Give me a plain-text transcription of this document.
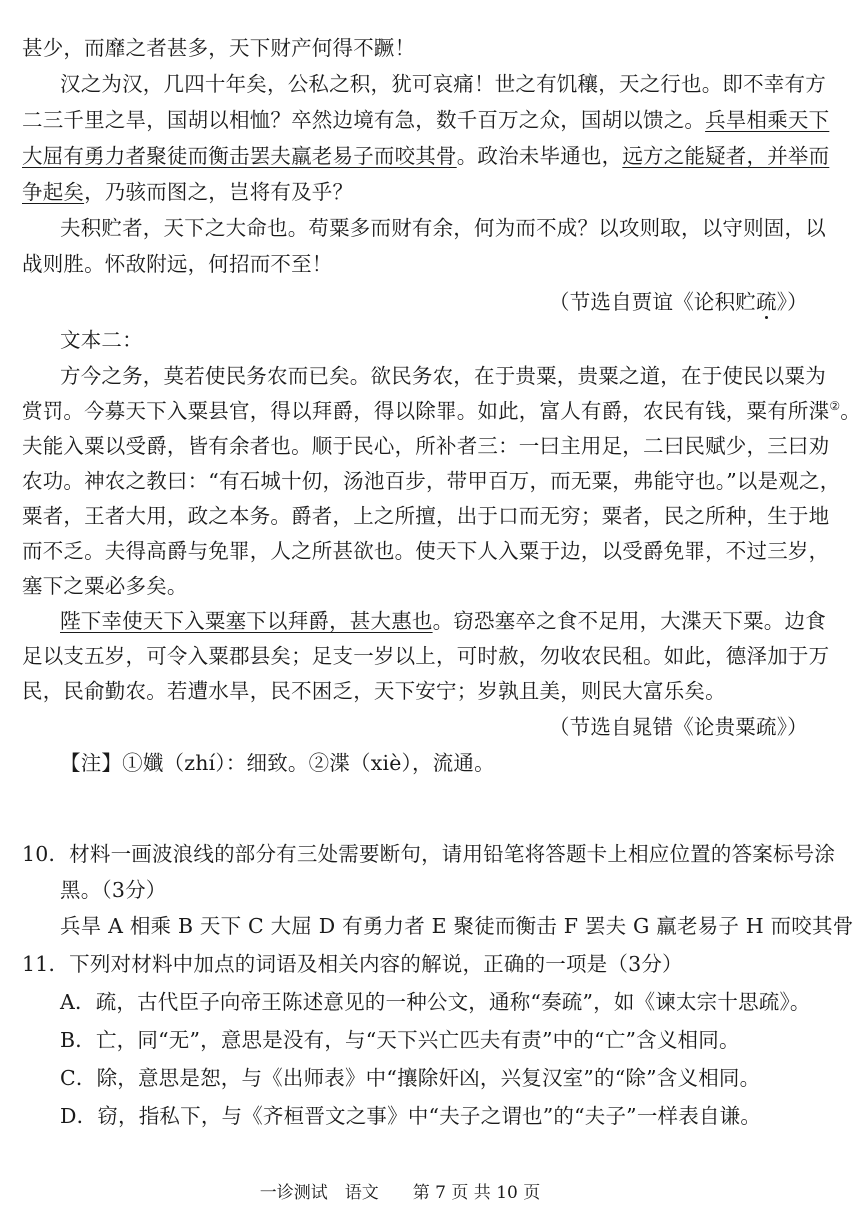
甚少，而靡之者甚多，天下财产何得不蹶！
汉之为汉，几四十年矣，公私之积，犹可哀痛！世之有饥穰，天之行也。即不幸有方
二三千里之旱，国胡以相恤？卒然边境有急，数千百万之众，国胡以馈之。兵旱相乘天下
大屈有勇力者聚徒而衡击罢夫羸老易子而咬其骨。政治未毕通也，远方之能疑者，并举而
争起矣，乃骇而图之，岂将有及乎？
夫积贮者，天下之大命也。苟粟多而财有余，何为而不成？以攻则取，以守则固，以
战则胜。怀敌附远，何招而不至！
（节选自贾谊《论积贮疏》）
文本二：
方今之务，莫若使民务农而已矣。欲民务农，在于贵粟，贵粟之道，在于使民以粟为
赏罚。今募天下入粟县官，得以拜爵，得以除罪。如此，富人有爵，农民有钱，粟有所渫②。
夫能入粟以受爵，皆有余者也。顺于民心，所补者三：一曰主用足，二曰民赋少，三曰劝
农功。神农之教曰：“有石城十仞，汤池百步，带甲百万，而无粟，弗能守也。”以是观之，
粟者，王者大用，政之本务。爵者，上之所擅，出于口而无穷；粟者，民之所种，生于地
而不乏。夫得高爵与免罪，人之所甚欲也。使天下人入粟于边，以受爵免罪，不过三岁，
塞下之粟必多矣。
陛下幸使天下入粟塞下以拜爵，甚大惠也。窃恐塞卒之食不足用，大渫天下粟。边食
足以支五岁，可令入粟郡县矣；足支一岁以上，可时赦，勿收农民租。如此，德泽加于万
民，民俞勤农。若遭水旱，民不困乏，天下安宁；岁孰且美，则民大富乐矣。
（节选自晁错《论贵粟疏》）
【注】①孅（zhí）：细致。②渫（xiè），流通。
10．材料一画波浪线的部分有三处需要断句，请用铅笔将答题卡上相应位置的答案标号涂
黑。（3分）
兵旱 A 相乘 B 天下 C 大屈 D 有勇力者 E 聚徒而衡击 F 罢夫 G 羸老易子 H 而咬其骨
11．下列对材料中加点的词语及相关内容的解说，正确的一项是（3分）
A．疏，古代臣子向帝王陈述意见的一种公文，通称“奏疏”，如《谏太宗十思疏》。
B．亡，同“无”，意思是没有，与“天下兴亡匹夫有责”中的“亡”含义相同。
C．除，意思是恕，与《出师表》中“攘除奸凶，兴复汉室”的“除”含义相同。
D．窃，指私下，与《齐桓晋文之事》中“夫子之谓也”的“夫子”一样表自谦。
一诊测试　语文　　第 7 页 共 10 页
